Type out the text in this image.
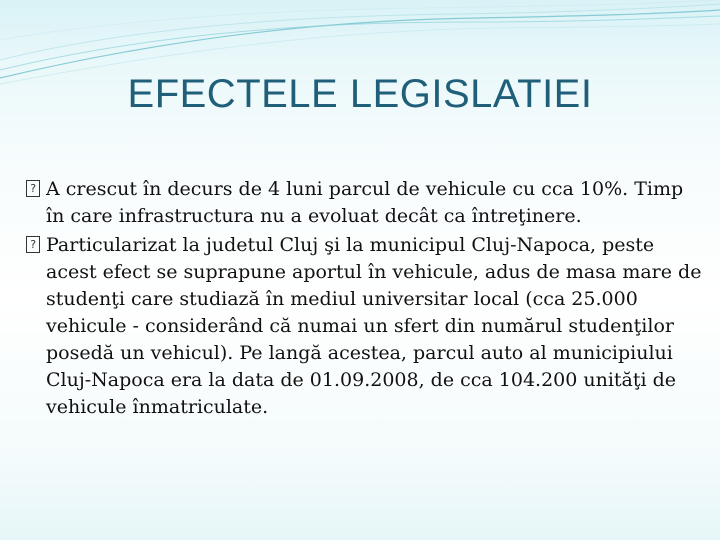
EFECTELE LEGISLATIEI
? A crescut în decurs de 4 luni parcul de vehicule cu cca 10%. Timp în care infrastructura nu a evoluat decât ca întreţinere.
? Particularizat la judetul Cluj şi la municipul Cluj-Napoca, peste acest efect se suprapune aportul în vehicule, adus de masa mare de studenţi care studiază în mediul universitar local (cca 25.000 vehicule - considerând că numai un sfert din numărul studenţilor posedă un vehicul). Pe langă acestea, parcul auto al municipiului Cluj-Napoca era la data de 01.09.2008, de cca 104.200 unităţi de vehicule înmatriculate.
